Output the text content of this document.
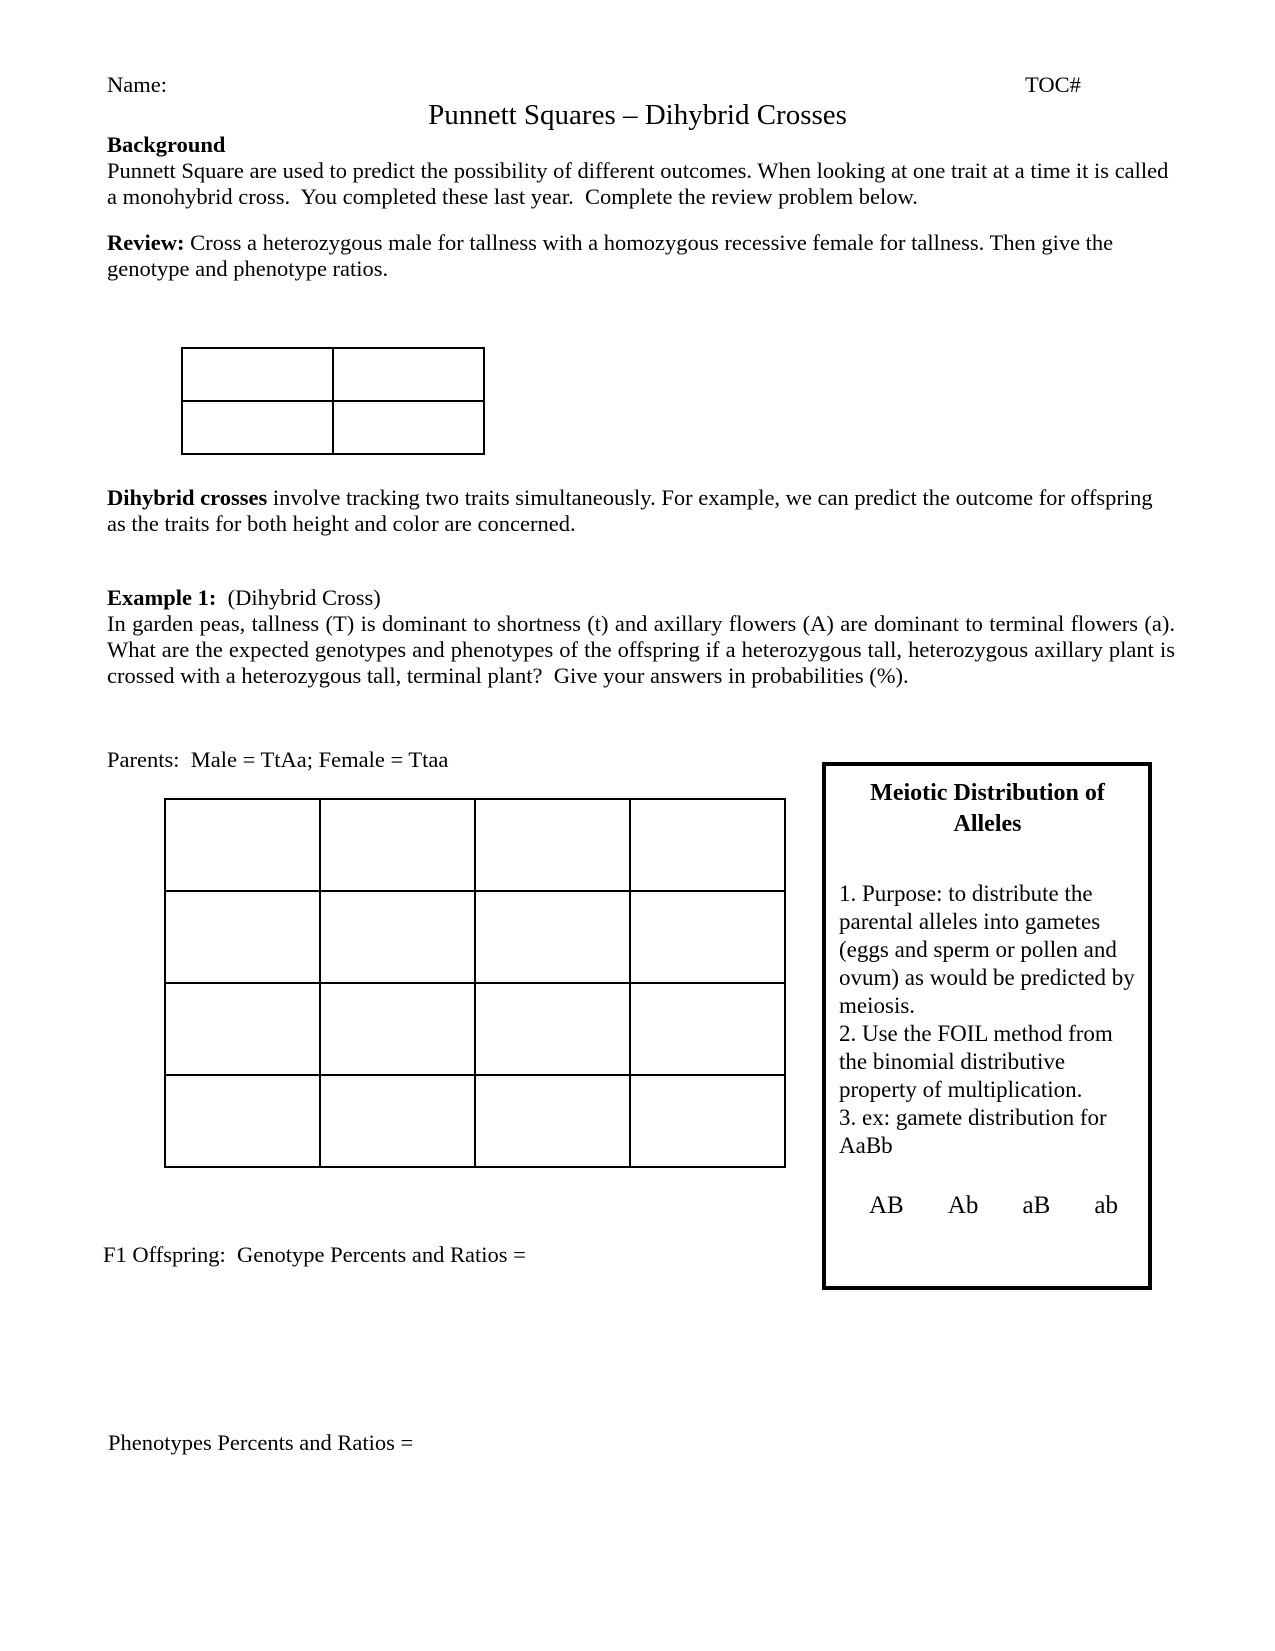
Name:	TOC#
Punnett Squares – Dihybrid Crosses
Background
Punnett Square are used to predict the possibility of different outcomes. When looking at one trait at a time it is called a monohybrid cross.  You completed these last year.  Complete the review problem below.
Review: Cross a heterozygous male for tallness with a homozygous recessive female for tallness. Then give the genotype and phenotype ratios.

Dihybrid crosses involve tracking two traits simultaneously. For example, we can predict the outcome for offspring as the traits for both height and color are concerned.
Example 1:  (Dihybrid Cross)
In garden peas, tallness (T) is dominant to shortness (t) and axillary flowers (A) are dominant to terminal flowers (a).  What are the expected genotypes and phenotypes of the offspring if a heterozygous tall, heterozygous axillary plant is crossed with a heterozygous tall, terminal plant?  Give your answers in probabilities (%).
Parents:  Male = TtAa; Female = Ttaa

Meiotic Distribution of Alleles
1. Purpose: to distribute the parental alleles into gametes (eggs and sperm or pollen and ovum) as would be predicted by meiosis.
2. Use the FOIL method from the binomial distributive property of multiplication.
3. ex: gamete distribution for AaBb
AB Ab aB ab
F1 Offspring:  Genotype Percents and Ratios =
Phenotypes Percents and Ratios =
